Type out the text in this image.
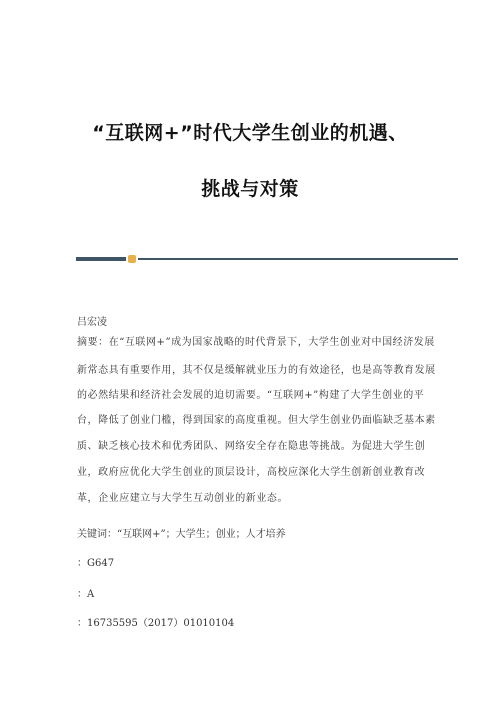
“互联网+”时代大学生创业的机遇、
挑战与对策
吕宏凌
摘要：在“互联网+”成为国家战略的时代背景下，大学生创业对中国经济发展
新常态具有重要作用，其不仅是缓解就业压力的有效途径，也是高等教育发展
的必然结果和经济社会发展的迫切需要。“互联网+”构建了大学生创业的平
台，降低了创业门槛，得到国家的高度重视。但大学生创业仍面临缺乏基本素
质、缺乏核心技术和优秀团队、网络安全存在隐患等挑战。为促进大学生创
业，政府应优化大学生创业的顶层设计，高校应深化大学生创新创业教育改
革，企业应建立与大学生互动创业的新业态。
关键词：“互联网+”；大学生；创业；人才培养
：G647
：A
：16735595（2017）01010104
